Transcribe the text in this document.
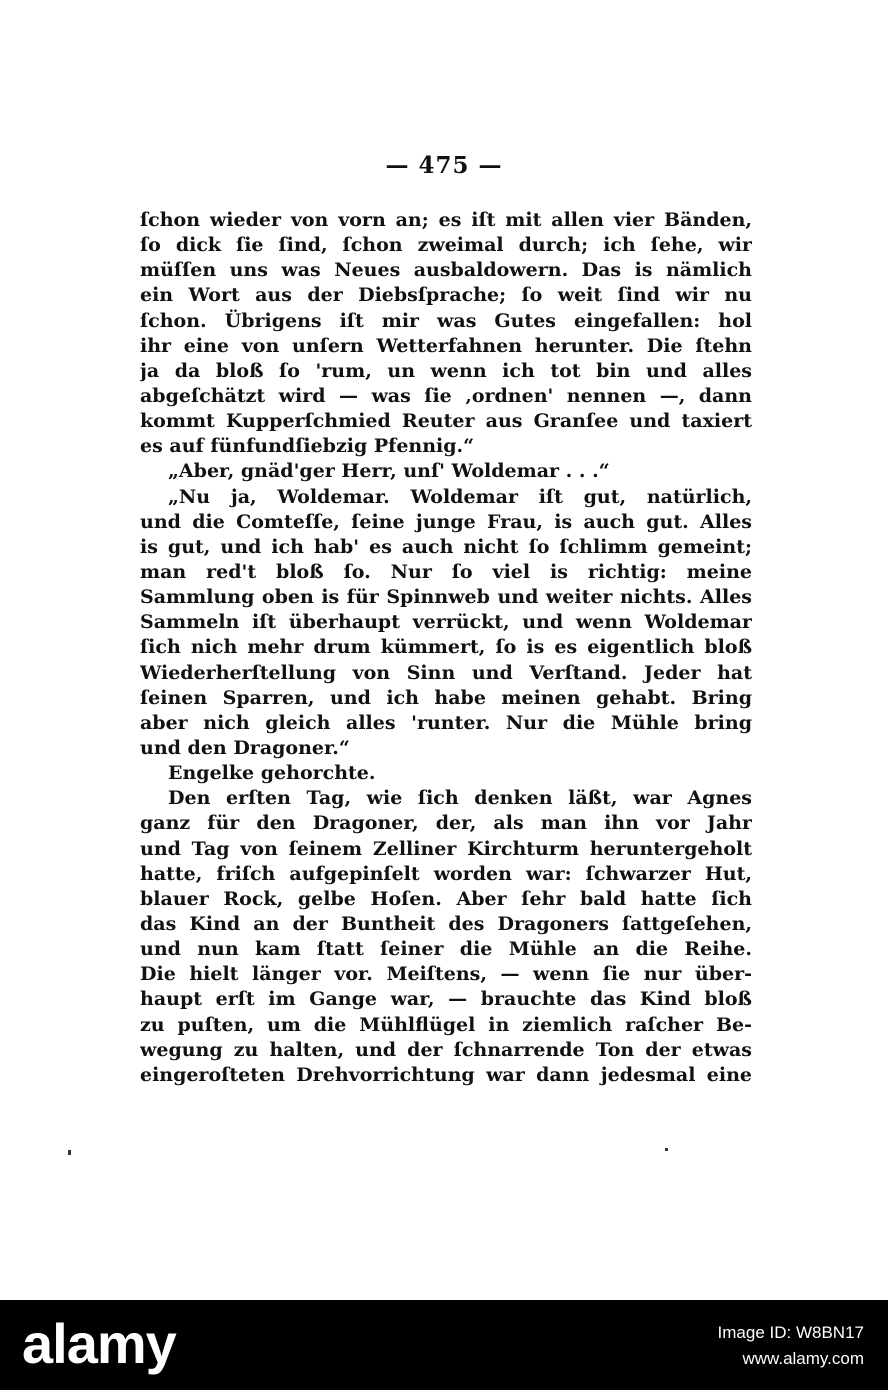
— 475 —
ſchon wieder von vorn an; es iſt mit allen vier Bänden,
ſo dick ſie ſind, ſchon zweimal durch; ich ſehe, wir
müſſen uns was Neues ausbaldowern. Das is nämlich
ein Wort aus der Diebsſprache; ſo weit ſind wir nu
ſchon. Übrigens iſt mir was Gutes eingefallen: hol
ihr eine von unſern Wetterfahnen herunter. Die ſtehn
ja da bloß ſo 'rum, un wenn ich tot bin und alles
abgeſchätzt wird — was ſie ‚ordnen' nennen —, dann
kommt Kupperſchmied Reuter aus Granſee und taxiert
es auf fünfundſiebzig Pfennig.“
„Aber, gnäd'ger Herr, unſ' Woldemar . . .“
„Nu ja, Woldemar. Woldemar iſt gut, natürlich,
und die Comteſſe, ſeine junge Frau, is auch gut. Alles
is gut, und ich hab' es auch nicht ſo ſchlimm gemeint;
man red't bloß ſo. Nur ſo viel is richtig: meine
Sammlung oben is für Spinnweb und weiter nichts. Alles
Sammeln iſt überhaupt verrückt, und wenn Woldemar
ſich nich mehr drum kümmert, ſo is es eigentlich bloß
Wiederherſtellung von Sinn und Verſtand. Jeder hat
ſeinen Sparren, und ich habe meinen gehabt. Bring
aber nich gleich alles 'runter. Nur die Mühle bring
und den Dragoner.“
Engelke gehorchte.
Den erſten Tag, wie ſich denken läßt, war Agnes
ganz für den Dragoner, der, als man ihn vor Jahr
und Tag von ſeinem Zelliner Kirchturm heruntergeholt
hatte, friſch aufgepinſelt worden war: ſchwarzer Hut,
blauer Rock, gelbe Hoſen. Aber ſehr bald hatte ſich
das Kind an der Buntheit des Dragoners ſattgeſehen,
und nun kam ſtatt ſeiner die Mühle an die Reihe.
Die hielt länger vor. Meiſtens, — wenn ſie nur über-
haupt erſt im Gange war, — brauchte das Kind bloß
zu puſten, um die Mühlflügel in ziemlich raſcher Be-
wegung zu halten, und der ſchnarrende Ton der etwas
eingeroſteten Drehvorrichtung war dann jedesmal eine
alamy	Image ID: W8BN17
www.alamy.com
